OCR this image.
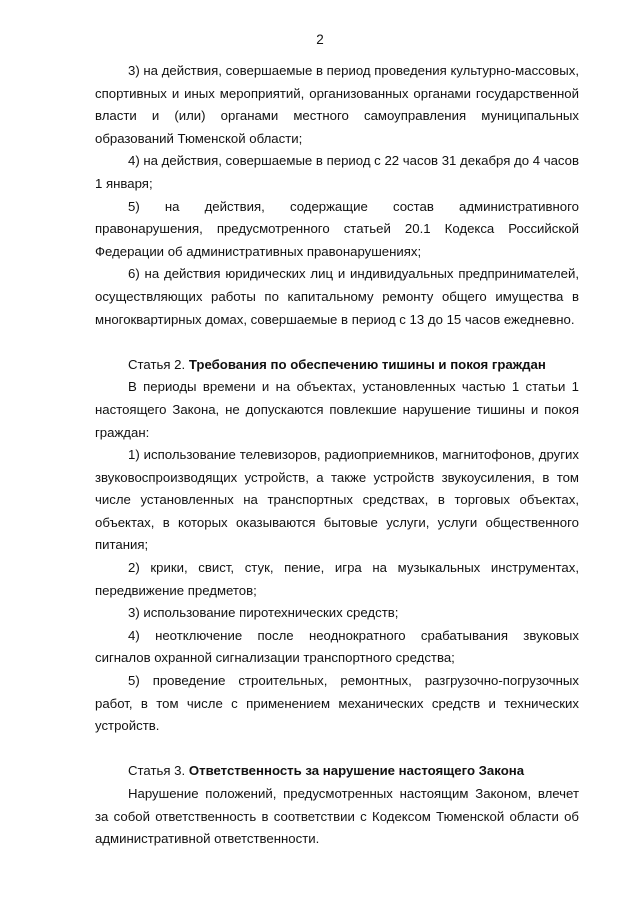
2

3) на действия, совершаемые в период проведения культурно-массовых, спортивных и иных мероприятий, организованных органами государственной власти и (или) органами местного самоуправления муниципальных образований Тюменской области;

4) на действия, совершаемые в период с 22 часов 31 декабря до 4 часов 1 января;

5) на действия, содержащие состав административного правонарушения, предусмотренного статьей 20.1 Кодекса Российской Федерации об административных правонарушениях;

6) на действия юридических лиц и индивидуальных предпринимателей, осуществляющих работы по капитальному ремонту общего имущества в многоквартирных домах, совершаемые в период с 13 до 15 часов ежедневно.

Статья 2. Требования по обеспечению тишины и покоя граждан

В периоды времени и на объектах, установленных частью 1 статьи 1 настоящего Закона, не допускаются повлекшие нарушение тишины и покоя граждан:

1) использование телевизоров, радиоприемников, магнитофонов, других звуковоспроизводящих устройств, а также устройств звукоусиления, в том числе установленных на транспортных средствах, в торговых объектах, объектах, в которых оказываются бытовые услуги, услуги общественного питания;

2) крики, свист, стук, пение, игра на музыкальных инструментах, передвижение предметов;

3) использование пиротехнических средств;

4) неотключение после неоднократного срабатывания звуковых сигналов охранной сигнализации транспортного средства;

5) проведение строительных, ремонтных, разгрузочно-погрузочных работ, в том числе с применением механических средств и технических устройств.

Статья 3. Ответственность за нарушение настоящего Закона

Нарушение положений, предусмотренных настоящим Законом, влечет за собой ответственность в соответствии с Кодексом Тюменской области об административной ответственности.
